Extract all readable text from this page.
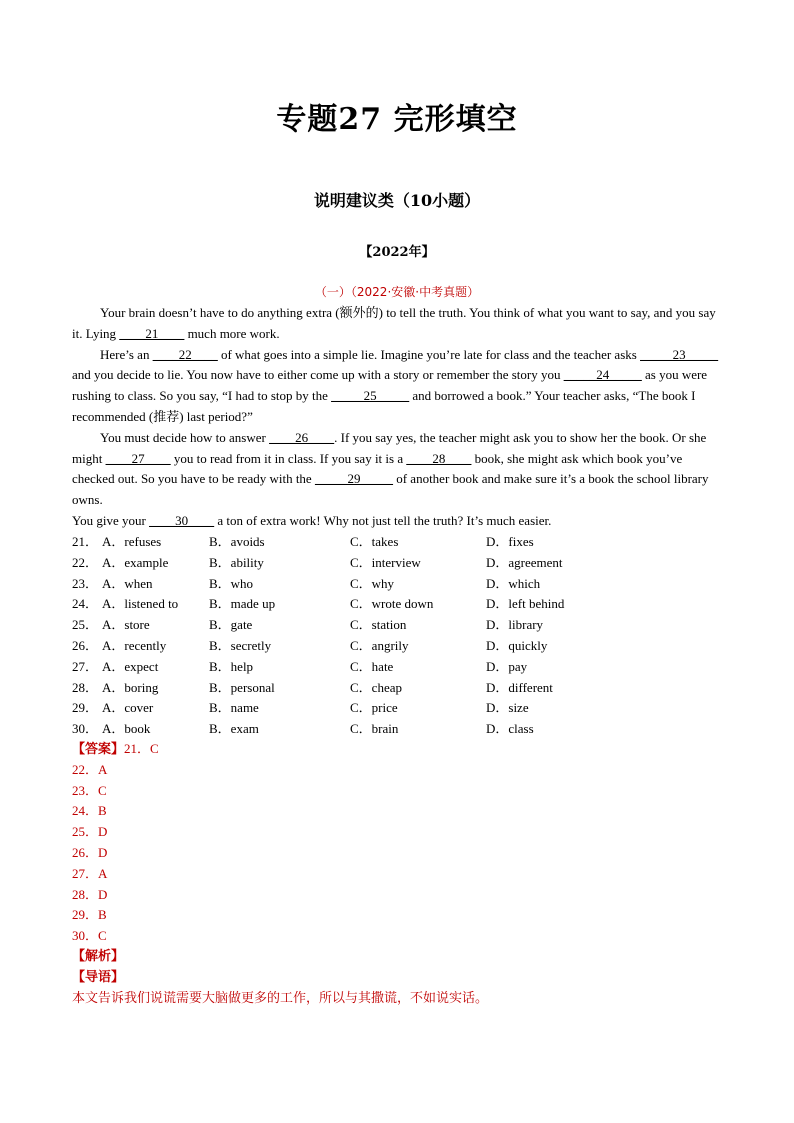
专题27 完形填空
说明建议类（10小题）
【2022年】
（一）（2022·安徽·中考真题）

Your brain doesn’t have to do anything extra (额外的) to tell the truth. You think of what you want to say, and you say it. Lying ____21____ much more work.

Here’s an ____22____ of what goes into a simple lie. Imagine you’re late for class and the teacher asks _____23_____ and you decide to lie. You now have to either come up with a story or remember the story you _____24_____ as you were rushing to class. So you say, “I had to stop by the _____25_____ and borrowed a book.” Your teacher asks, “The book I recommended (推荐) last period?”

You must decide how to answer ____26____. If you say yes, the teacher might ask you to show her the book. Or she might ____27____ you to read from it in class. If you say it is a ____28____ book, she might ask which book you’ve checked out. So you have to be ready with the _____29_____ of another book and make sure it’s a book the school library owns.

You give your ____30____ a ton of extra work! Why not just tell the truth? It’s much easier.

21． A．refuses	B．avoids	C．takes	D．fixes
22． A．example	B．ability	C．interview	D．agreement
23． A．when	B．who	C．why	D．which
24． A．listened to B．made up	C．wrote down	D．left behind
25． A．store	B．gate	C．station	D．library
26． A．recently	B．secretly	C．angrily	D．quickly
27． A．expect	B．help	C．hate	D．pay
28． A．boring	B．personal	C．cheap	D．different
29． A．cover	B．name	C．price	D．size
30． A．book	B．exam	C．brain	D．class
【答案】21．C
22．A
23．C
24．B
25．D
26．D
27．A
28．D
29．B
30．C
【解析】
【导语】
本文告诉我们说谎需要大脑做更多的工作，所以与其撒谎，不如说实话。
